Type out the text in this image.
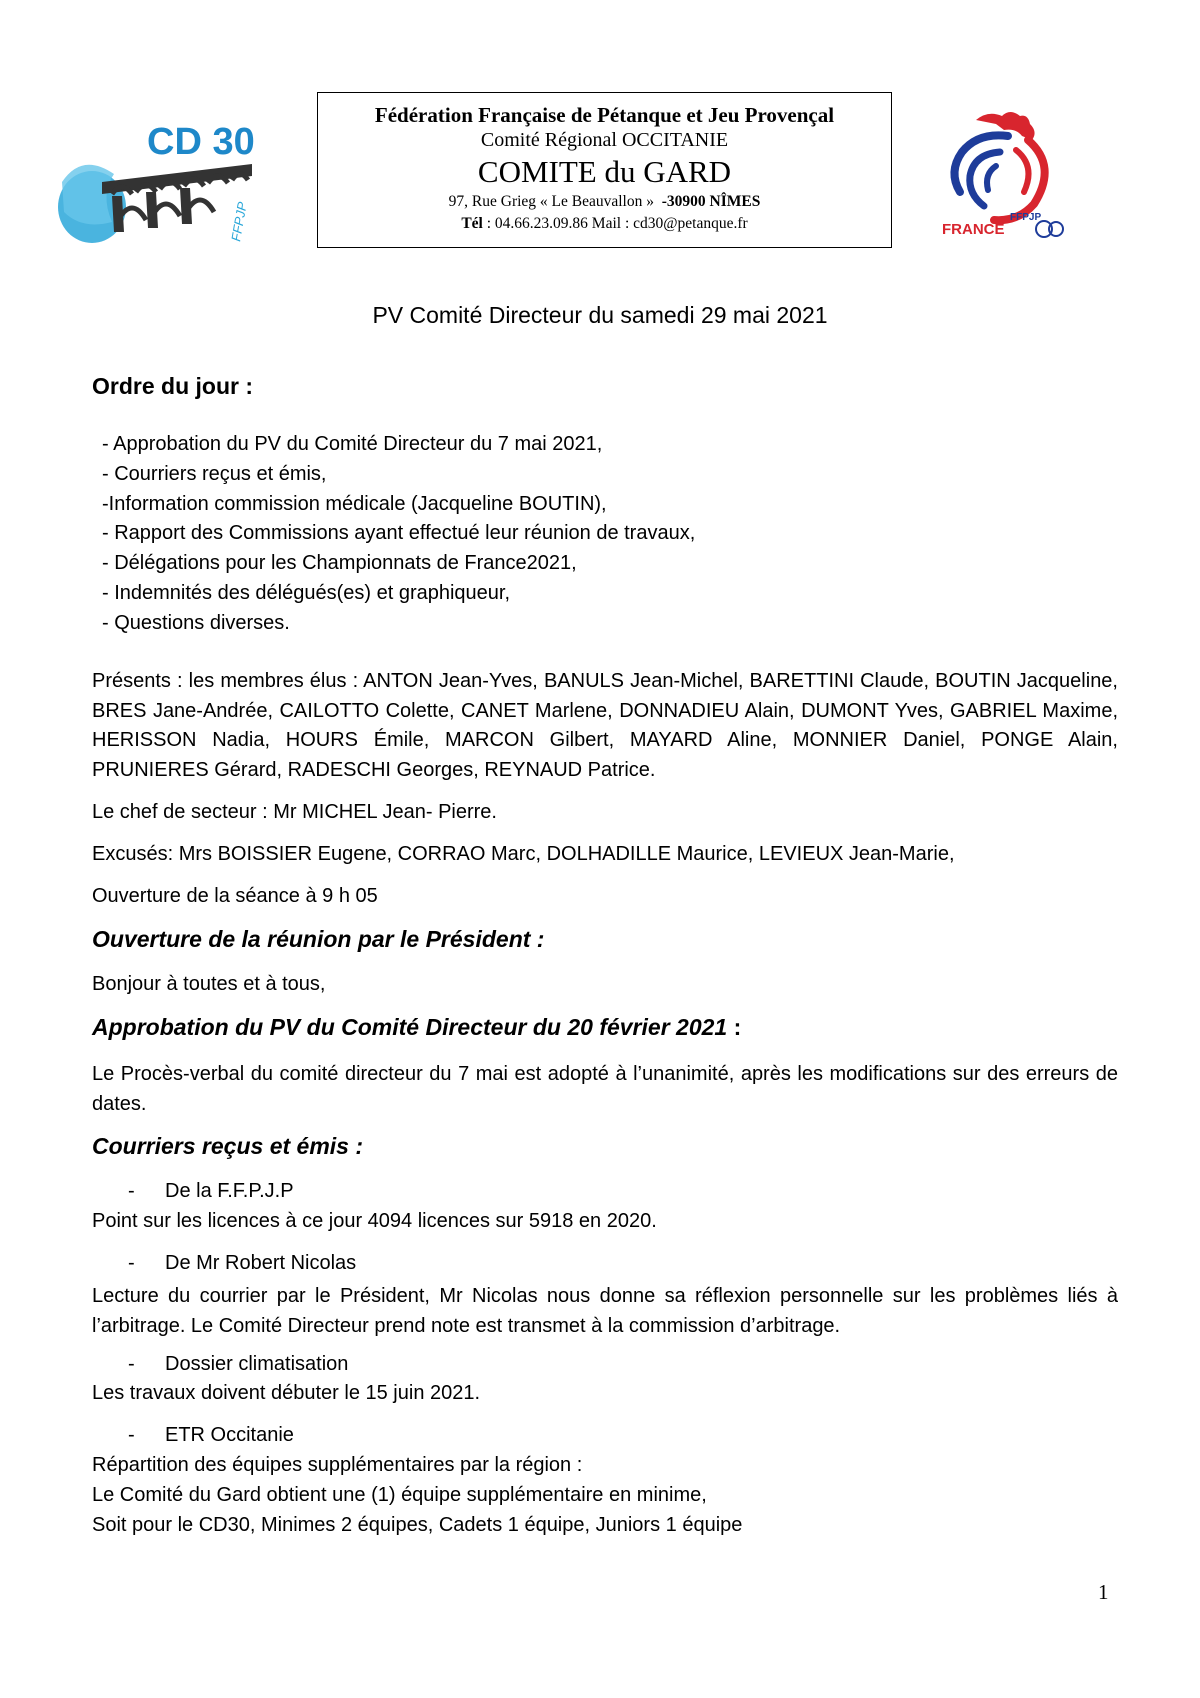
CD 30
FFPJP
Fédération Française de Pétanque et Jeu Provençal
Comité Régional OCCITANIE
COMITE du GARD
97, Rue Grieg « Le Beauvallon » -30900 NÎMES
Tél : 04.66.23.09.86 Mail : cd30@petanque.fr	FFPJP
FRANCE
PV Comité Directeur du samedi 29 mai 2021
Ordre du jour :
- Approbation du PV du Comité Directeur du 7 mai 2021,
- Courriers reçus et émis,
-Information commission médicale (Jacqueline BOUTIN),
- Rapport des Commissions ayant effectué leur réunion de travaux,
- Délégations pour les Championnats de France2021,
- Indemnités des délégués(es) et graphiqueur,
- Questions diverses.
Présents : les membres élus : ANTON Jean-Yves, BANULS Jean-Michel, BARETTINI Claude, BOUTIN Jacqueline, BRES Jane-Andrée, CAILOTTO Colette, CANET Marlene, DONNADIEU Alain, DUMONT Yves, GABRIEL Maxime, HERISSON Nadia, HOURS Émile, MARCON Gilbert, MAYARD Aline, MONNIER Daniel, PONGE Alain, PRUNIERES Gérard, RADESCHI Georges, REYNAUD Patrice.
Le chef de secteur : Mr MICHEL Jean- Pierre.
Excusés: Mrs BOISSIER Eugene, CORRAO Marc, DOLHADILLE Maurice, LEVIEUX Jean-Marie,
Ouverture de la séance à 9 h 05
Ouverture de la réunion par le Président :
Bonjour à toutes et à tous,
Approbation du PV du Comité Directeur du 20 février 2021 :
Le Procès-verbal du comité directeur du 7 mai est adopté à l’unanimité, après les modifications sur des erreurs de dates.
Courriers reçus et émis :
- De la F.F.P.J.P
Point sur les licences à ce jour 4094 licences sur 5918 en 2020.
- De Mr Robert Nicolas
Lecture du courrier par le Président, Mr Nicolas nous donne sa réflexion personnelle sur les problèmes liés à l’arbitrage. Le Comité Directeur prend note est transmet à la commission d’arbitrage.
- Dossier climatisation
Les travaux doivent débuter le 15 juin 2021.
- ETR Occitanie
Répartition des équipes supplémentaires par la région :
Le Comité du Gard obtient une (1) équipe supplémentaire en minime,
Soit pour le CD30, Minimes 2 équipes, Cadets 1 équipe, Juniors 1 équipe
1
